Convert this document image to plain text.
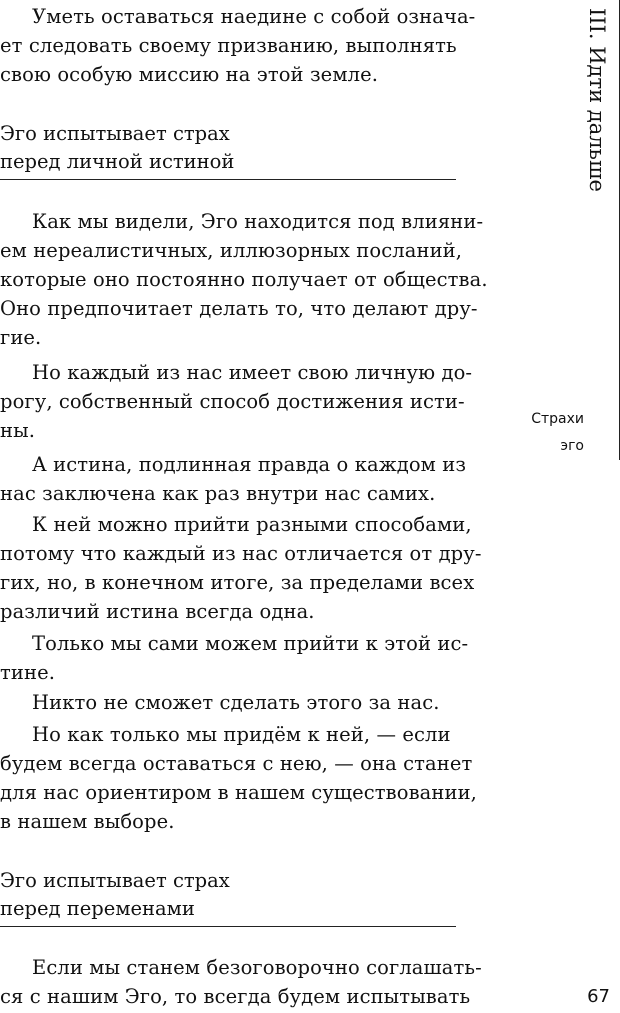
III. Идти дальше
Страхи
эго
Уметь оставаться наедине с собой означа-
ет следовать своему призванию, выполнять
свою особую миссию на этой земле.
Эго испытывает страх
перед личной истиной
Как мы видели, Эго находится под влияни-
ем нереалистичных, иллюзорных посланий,
которые оно постоянно получает от общества.
Оно предпочитает делать то, что делают дру-
гие.
Но каждый из нас имеет свою личную до-
рогу, собственный способ достижения исти-
ны.
А истина, подлинная правда о каждом из
нас заключена как раз внутри нас самих.
К ней можно прийти разными способами,
потому что каждый из нас отличается от дру-
гих, но, в конечном итоге, за пределами всех
различий истина всегда одна.
Только мы сами можем прийти к этой ис-
тине.
Никто не сможет сделать этого за нас.
Но как только мы придём к ней, — если
будем всегда оставаться с нею, — она станет
для нас ориентиром в нашем существовании,
в нашем выборе.
Эго испытывает страх
перед переменами
Если мы станем безоговорочно соглашать-
ся с нашим Эго, то всегда будем испытывать	67
